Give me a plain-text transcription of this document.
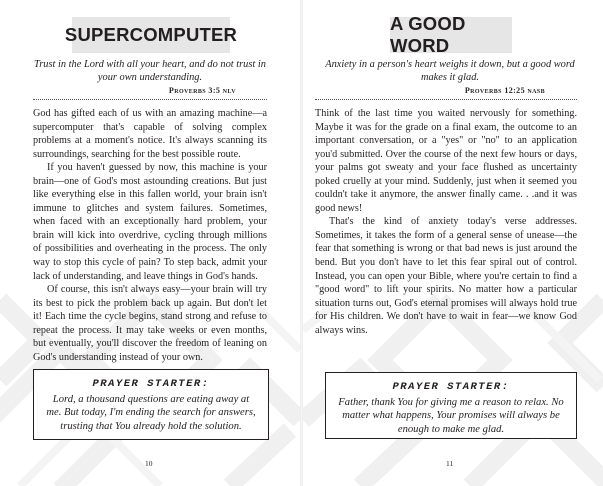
SUPERCOMPUTER
Trust in the Lord with all your heart, and do not trust in your own understanding.
Proverbs 3:5 nlv

God has gifted each of us with an amazing machine—a supercomputer that's capable of solving complex problems at a moment's notice. It's always scanning its surroundings, searching for the best possible route.

If you haven't guessed by now, this machine is your brain—one of God's most astounding creations. But just like everything else in this fallen world, your brain isn't immune to glitches and system failures. Sometimes, when faced with an exceptionally hard problem, your brain will kick into overdrive, cycling through millions of possibilities and overheating in the process. The only way to stop this cycle of pain? To step back, admit your lack of understanding, and leave things in God's hands.

Of course, this isn't always easy—your brain will try its best to pick the problem back up again. But don't let it! Each time the cycle begins, stand strong and refuse to repeat the process. It may take weeks or even months, but eventually, you'll discover the freedom of leaning on God's understanding instead of your own.

PRAYER STARTER:
Lord, a thousand questions are eating away at me. But today, I'm ending the search for answers, trusting that You already hold the solution.
10
A GOOD WORD
Anxiety in a person's heart weighs it down, but a good word makes it glad.
Proverbs 12:25 nasb

Think of the last time you waited nervously for something. Maybe it was for the grade on a final exam, the outcome to an important conversation, or a "yes" or "no" to an application you'd submitted. Over the course of the next few hours or days, your palms got sweaty and your face flushed as uncertainty poked cruelly at your mind. Suddenly, just when it seemed you couldn't take it anymore, the answer finally came. . .and it was good news!

That's the kind of anxiety today's verse addresses. Sometimes, it takes the form of a general sense of unease—the fear that something is wrong or that bad news is just around the bend. But you don't have to let this fear spiral out of control. Instead, you can open your Bible, where you're certain to find a "good word" to lift your spirits. No matter how a particular situation turns out, God's eternal promises will always hold true for His children. We don't have to wait in fear—we know God always wins.

PRAYER STARTER:
Father, thank You for giving me a reason to relax. No matter what happens, Your promises will always be enough to make me glad.
11
